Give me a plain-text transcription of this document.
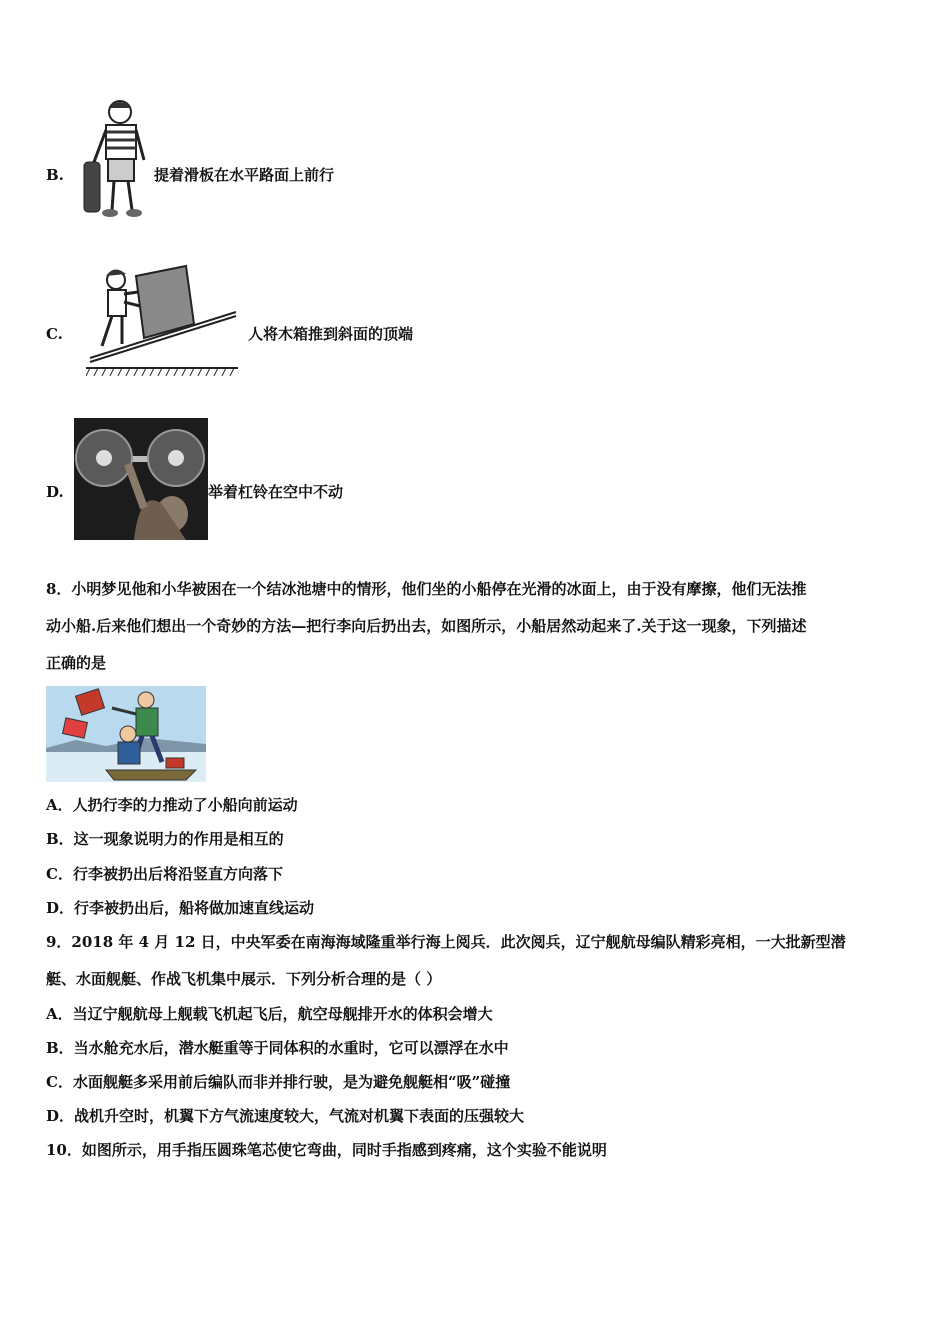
B.	提着滑板在水平路面上前行
C.	人将木箱推到斜面的顶端
D.	举着杠铃在空中不动
8．小明梦见他和小华被困在一个结冰池塘中的情形，他们坐的小船停在光滑的冰面上，由于没有摩擦，他们无法推
动小船.后来他们想出一个奇妙的方法—把行李向后扔出去，如图所示，小船居然动起来了.关于这一现象，下列描述
正确的是
A．人扔行李的力推动了小船向前运动
B．这一现象说明力的作用是相互的
C．行李被扔出后将沿竖直方向落下
D．行李被扔出后，船将做加速直线运动
9．2018 年 4 月 12 日，中央军委在南海海域隆重举行海上阅兵．此次阅兵，辽宁舰航母编队精彩亮相，一大批新型潜
艇、水面舰艇、作战飞机集中展示．下列分析合理的是（ ）
A．当辽宁舰航母上舰载飞机起飞后，航空母舰排开水的体积会增大
B．当水舱充水后，潜水艇重等于同体积的水重时，它可以漂浮在水中
C．水面舰艇多采用前后编队而非并排行驶，是为避免舰艇相“吸”碰撞
D．战机升空时，机翼下方气流速度较大，气流对机翼下表面的压强较大
10．如图所示，用手指压圆珠笔芯使它弯曲，同时手指感到疼痛，这个实验不能说明
